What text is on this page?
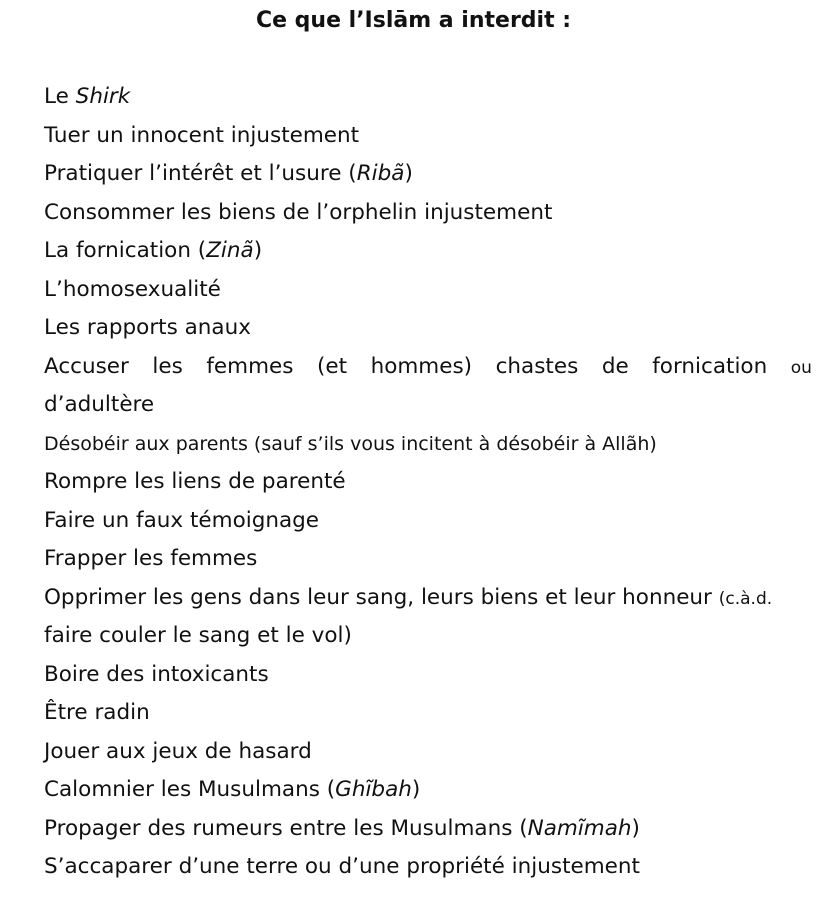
Ce que l’Islām a interdit :
Le Shirk
Tuer un innocent injustement
Pratiquer l’intérêt et l’usure (Ribã)
Consommer les biens de l’orphelin injustement
La fornication (Zinã)
L’homosexualité
Les rapports anaux
Accuser les femmes (et hommes) chastes de fornication ou
d’adultère
Désobéir aux parents (sauf s’ils vous incitent à désobéir à Allãh)
Rompre les liens de parenté
Faire un faux témoignage
Frapper les femmes
Opprimer les gens dans leur sang, leurs biens et leur honneur (c.à.d.
faire couler le sang et le vol)
Boire des intoxicants
Être radin
Jouer aux jeux de hasard
Calomnier les Musulmans (Ghĩbah)
Propager des rumeurs entre les Musulmans (Namĩmah)
S’accaparer d’une terre ou d’une propriété injustement
